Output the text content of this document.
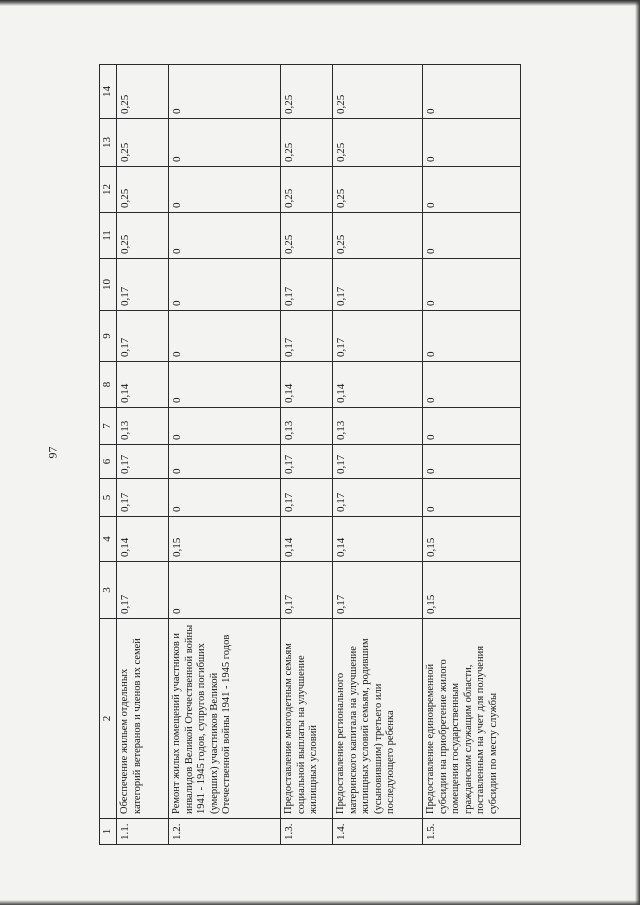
97
1	2	3	4	5	6	7	8	9	10	11	12	13	14
1.1.	Обеспечение жильем отдельных категорий ветеранов и членов их семей	0,17	0,14	0,17	0,17	0,13	0,14	0,17	0,17	0,25	0,25	0,25	0,25
1.2.	Ремонт жилых помещений участников и инвалидов Великой Отечественной войны 1941 - 1945 годов, супругов погибших (умерших) участников Великой Отечественной войны 1941 - 1945 годов	0	0,15	0	0	0	0	0	0	0	0	0	0
1.3.	Предоставление многодетным семьям социальной выплаты на улучшение жилищных условий	0,17	0,14	0,17	0,17	0,13	0,14	0,17	0,17	0,25	0,25	0,25	0,25
1.4.	Предоставление регионального материнского капитала на улучшение жилищных условий семьям, родившим (усыновившим) третьего или последующего ребенка	0,17	0,14	0,17	0,17	0,13	0,14	0,17	0,17	0,25	0,25	0,25	0,25
1.5.	Предоставление единовременной субсидии на приобретение жилого помещения государственным гражданским служащим области, поставленным на учет для получения субсидии по месту службы	0,15	0,15	0	0	0	0	0	0	0	0	0	0
